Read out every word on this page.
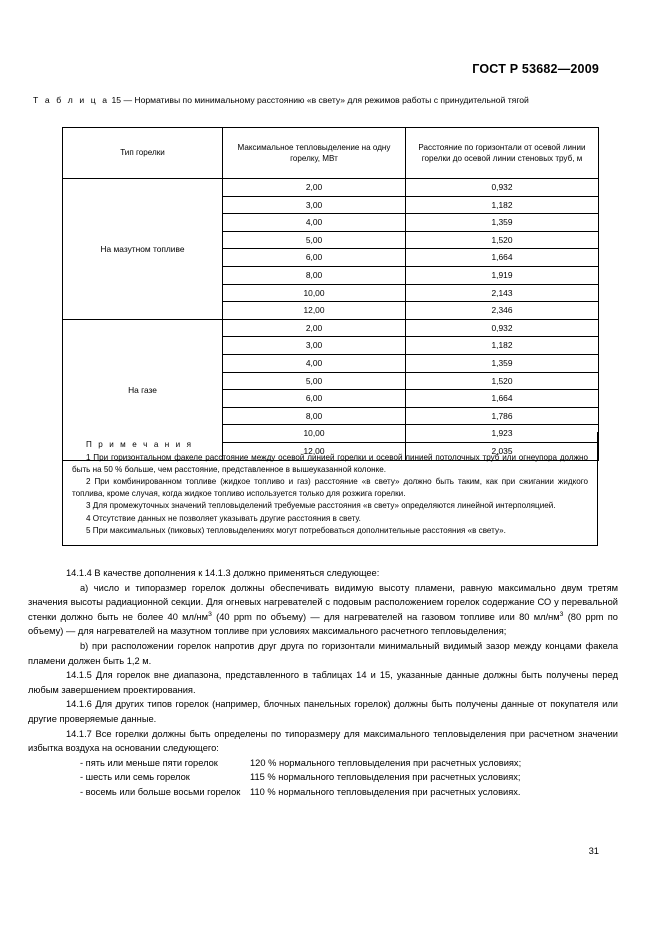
ГОСТ Р 53682—2009
Т а б л и ц а 15 — Нормативы по минимальному расстоянию «в свету» для режимов работы с принудительной тягой
Тип горелки	Максимальное тепловыделение на одну горелку, МВт	Расстояние по горизонтали от осевой линии горелки до осевой линии стеновых труб, м
На мазутном топливе	2,00	0,932
	3,00	1,182
	4,00	1,359
	5,00	1,520
	6,00	1,664
	8,00	1,919
	10,00	2,143
	12,00	2,346
На газе	2,00	0,932
	3,00	1,182
	4,00	1,359
	5,00	1,520
	6,00	1,664
	8,00	1,786
	10,00	1,923
	12,00	2,035
П р и м е ч а н и я
1 При горизонтальном факеле расстояние между осевой линией горелки и осевой линией потолочных труб или огнеупора должно быть на 50 % больше, чем расстояние, представленное в вышеуказанной колонке.
2 При комбинированном топливе (жидкое топливо и газ) расстояние «в свету» должно быть таким, как при сжигании жидкого топлива, кроме случая, когда жидкое топливо используется только для розжига горелки.
3 Для промежуточных значений тепловыделений требуемые расстояния «в свету» определяются линейной интерполяцией.
4 Отсутствие данных не позволяет указывать другие расстояния в свету.
5 При максимальных (пиковых) тепловыделениях могут потребоваться дополнительные расстояния «в свету».

14.1.4 В качестве дополнения к 14.1.3 должно применяться следующее:

a) число и типоразмер горелок должны обеспечивать видимую высоту пламени, равную максимально двум третям значения высоты радиационной секции. Для огневых нагревателей с подовым расположением горелок содержание СО у перевальной стенки должно быть не более 40 $мл/нм^3$ (40 ppm по объему) — для нагревателей на газовом топливе или 80 $мл/нм^3$ (80 ppm по объему) — для нагревателей на мазутном топливе при условиях максимального расчетного тепловыделения;

b) при расположении горелок напротив друг друга по горизонтали минимальный видимый зазор между концами факела пламени должен быть 1,2 м.

14.1.5 Для горелок вне диапазона, представленного в таблицах 14 и 15, указанные данные должны быть получены перед любым завершением проектирования.

14.1.6 Для других типов горелок (например, блочных панельных горелок) должны быть получены данные от покупателя или другие проверяемые данные.

14.1.7 Все горелки должны быть определены по типоразмеру для максимального тепловыделения при расчетном значении избытка воздуха на основании следующего:

- пять или меньше пяти горелок	120 % нормального тепловыделения при расчетных условиях;
- шесть или семь горелок	115 % нормального тепловыделения при расчетных условиях;
- восемь или больше восьми горелок	110 % нормального тепловыделения при расчетных условиях.
31
